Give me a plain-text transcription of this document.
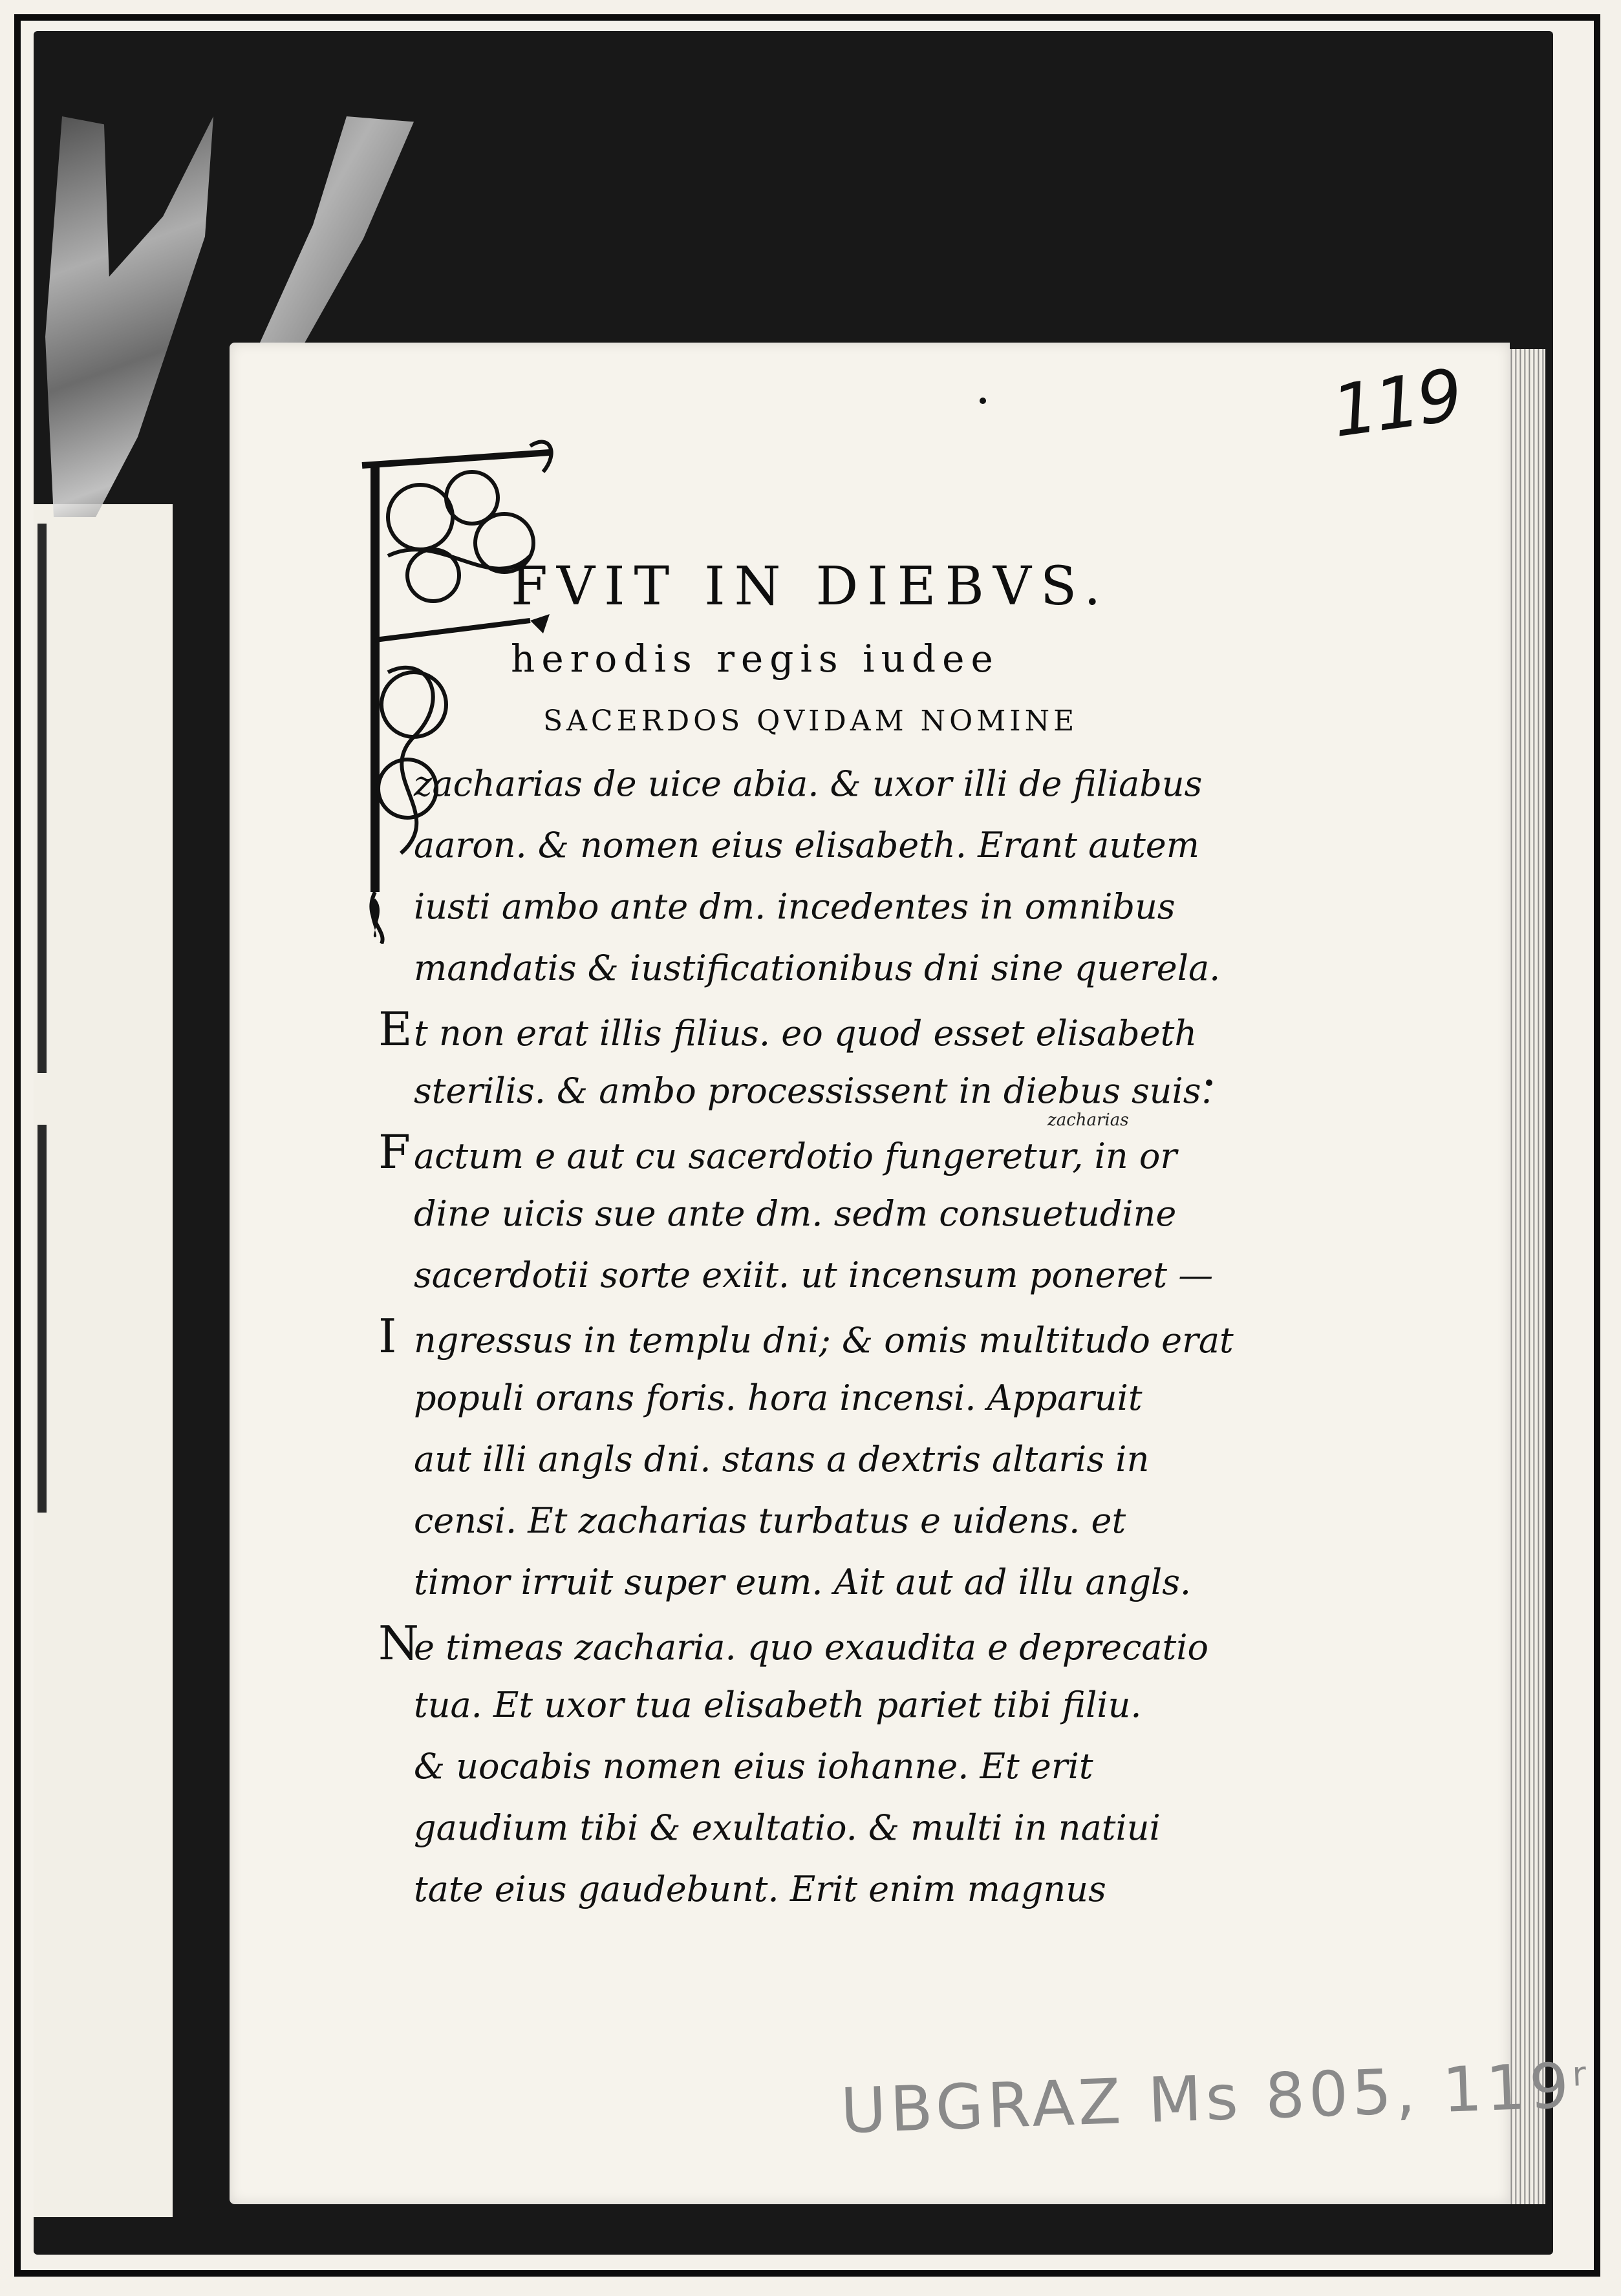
119
FVIT IN DIEBVS.
herodis regis iudee
SACERDOS QVIDAM NOMINE
zacharias
zacharias de uice abia. & uxor illi de filiabus
aaron. & nomen eius elisabeth. Erant autem
iusti ambo ante dm. incedentes in omnibus
mandatis & iustificationibus dni sine querela.
Et non erat illis filius. eo quod esset elisabeth
sterilis. & ambo processissent in diebus suis.
Factum e aut cu sacerdotio fungeretur, in or
dine uicis sue ante dm. sedm consuetudine
sacerdotii sorte exiit. ut incensum poneret —
I ngressus in templu dni; & omis multitudo erat
populi orans foris. hora incensi. Apparuit
aut illi angls dni. stans a dextris altaris in
censi. Et zacharias turbatus e uidens. et
timor irruit super eum. Ait aut ad illu angls.
Ne timeas zacharia. quo exaudita e deprecatio
tua. Et uxor tua elisabeth pariet tibi filiu.
& uocabis nomen eius iohanne. Et erit
gaudium tibi & exultatio. & multi in natiui
tate eius gaudebunt. Erit enim magnus
UBGRAZ Ms 805, 119$^r$
